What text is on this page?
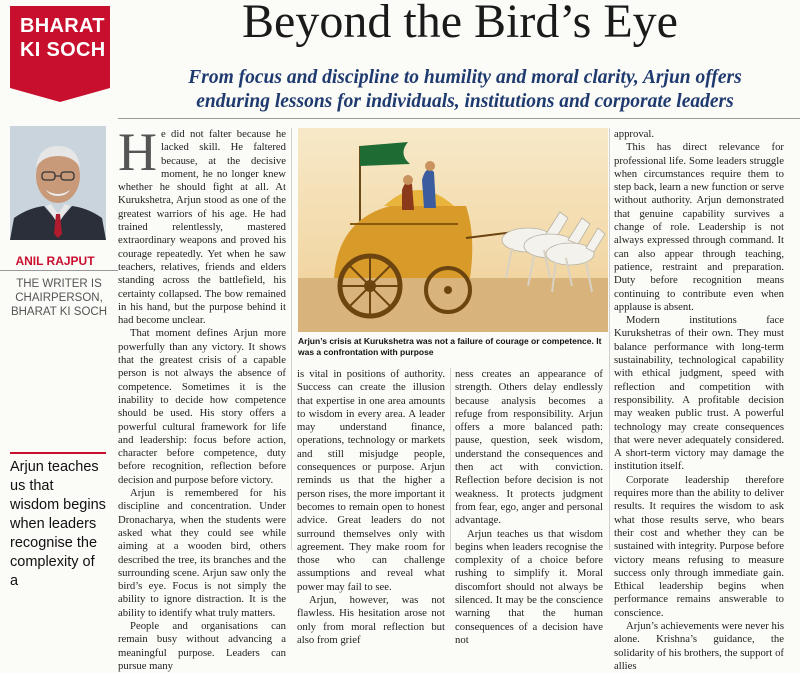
BHARAT
KI SOCH
Beyond the Bird’s Eye
From focus and discipline to humility and moral clarity, Arjun offers enduring lessons for individuals, institutions and corporate leaders
ANIL RAJPUT
THE WRITER IS
CHAIRPERSON,
BHARAT KI SOCH
Arjun teaches us that wisdom begins when leaders recognise the complexity of a
H e did not falter because he lacked skill. He faltered because, at the decisive moment, he no longer knew whether he should fight at all. At Kurukshetra, Arjun stood as one of the greatest warriors of his age. He had trained relentlessly, mastered extraordinary weapons and proved his courage repeatedly. Yet when he saw teachers, relatives, friends and elders standing across the battlefield, his certainty collapsed. The bow remained in his hand, but the purpose behind it had become unclear.

That moment defines Arjun more powerfully than any victory. It shows that the greatest crisis of a capable person is not always the absence of competence. Sometimes it is the inability to decide how competence should be used. His story offers a powerful cultural framework for life and leadership: focus before action, character before competence, duty before recognition, reflection before decision and purpose before victory.

Arjun is remembered for his discipline and concentration. Under Dronacharya, when the students were asked what they could see while aiming at a wooden bird, others described the tree, its branches and the surrounding scene. Arjun saw only the bird’s eye. Focus is not simply the ability to ignore distraction. It is the ability to identify what truly matters.

People and organisations can remain busy without advancing a meaningful purpose. Leaders can pursue many

Arjun’s crisis at Kurukshetra was not a failure of courage or competence. It was a confrontation with purpose

is vital in positions of authority. Success can create the illusion that expertise in one area amounts to wisdom in every area. A leader may understand finance, operations, technology or markets and still misjudge people, consequences or purpose. Arjun reminds us that the higher a person rises, the more important it becomes to remain open to honest advice. Great leaders do not surround themselves only with agreement. They make room for those who can challenge assumptions and reveal what power may fail to see.

Arjun, however, was not flawless. His hesitation arose not only from moral reflection but also from grief

ness creates an appearance of strength. Others delay endlessly because analysis becomes a refuge from responsibility. Arjun offers a more balanced path: pause, question, seek wisdom, understand the consequences and then act with conviction. Reflection before decision is not weakness. It protects judgment from fear, ego, anger and personal advantage.

Arjun teaches us that wisdom begins when leaders recognise the complexity of a choice before rushing to simplify it. Moral discomfort should not always be silenced. It may be the conscience warning that the human consequences of a decision have not

approval.

This has direct relevance for professional life. Some leaders struggle when circumstances require them to step back, learn a new function or serve without authority. Arjun demonstrated that genuine capability survives a change of role. Leadership is not always expressed through command. It can also appear through teaching, patience, restraint and preparation. Duty before recognition means continuing to contribute even when applause is absent.

Modern institutions face Kurukshetras of their own. They must balance performance with long-term sustainability, technological capability with ethical judgment, speed with reflection and competition with responsibility. A profitable decision may weaken public trust. A powerful technology may create consequences that were never adequately considered. A short-term victory may damage the institution itself.

Corporate leadership therefore requires more than the ability to deliver results. It requires the wisdom to ask what those results serve, who bears their cost and whether they can be sustained with integrity. Purpose before victory means refusing to measure success only through immediate gain. Ethical leadership begins when performance remains answerable to conscience.

Arjun’s achievements were never his alone. Krishna’s guidance, the solidarity of his brothers, the support of allies
